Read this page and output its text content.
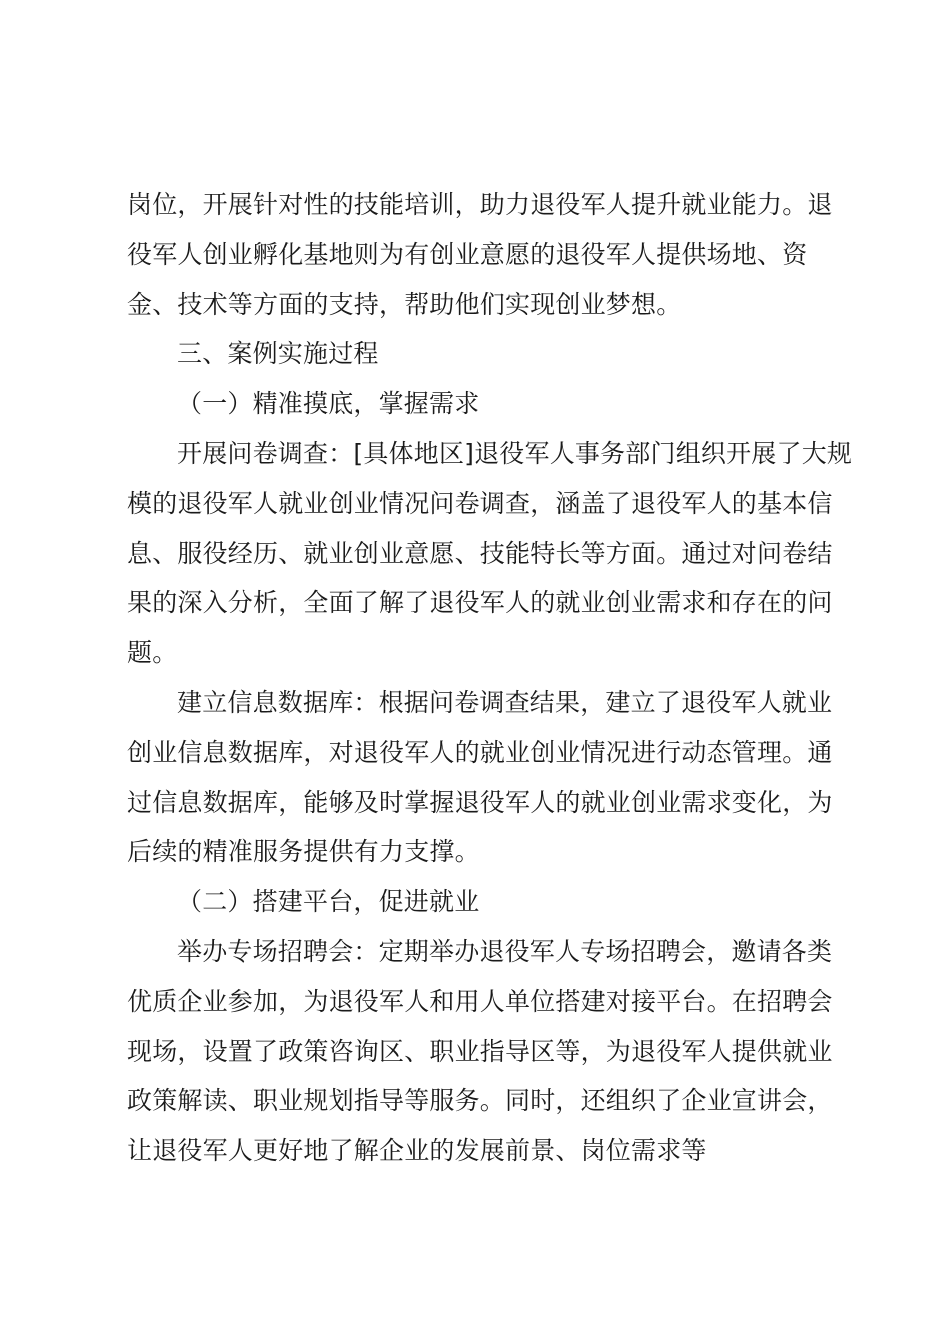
岗位，开展针对性的技能培训，助力退役军人提升就业能力。退役军人创业孵化基地则为有创业意愿的退役军人提供场地、资金、技术等方面的支持，帮助他们实现创业梦想。

三、案例实施过程

（一）精准摸底，掌握需求

开展问卷调查：[具体地区]退役军人事务部门组织开展了大规模的退役军人就业创业情况问卷调查，涵盖了退役军人的基本信息、服役经历、就业创业意愿、技能特长等方面。通过对问卷结果的深入分析，全面了解了退役军人的就业创业需求和存在的问题。

建立信息数据库：根据问卷调查结果，建立了退役军人就业创业信息数据库，对退役军人的就业创业情况进行动态管理。通过信息数据库，能够及时掌握退役军人的就业创业需求变化，为后续的精准服务提供有力支撑。

（二）搭建平台，促进就业

举办专场招聘会：定期举办退役军人专场招聘会，邀请各类优质企业参加，为退役军人和用人单位搭建对接平台。在招聘会现场，设置了政策咨询区、职业指导区等，为退役军人提供就业政策解读、职业规划指导等服务。同时，还组织了企业宣讲会，让退役军人更好地了解企业的发展前景、岗位需求等
